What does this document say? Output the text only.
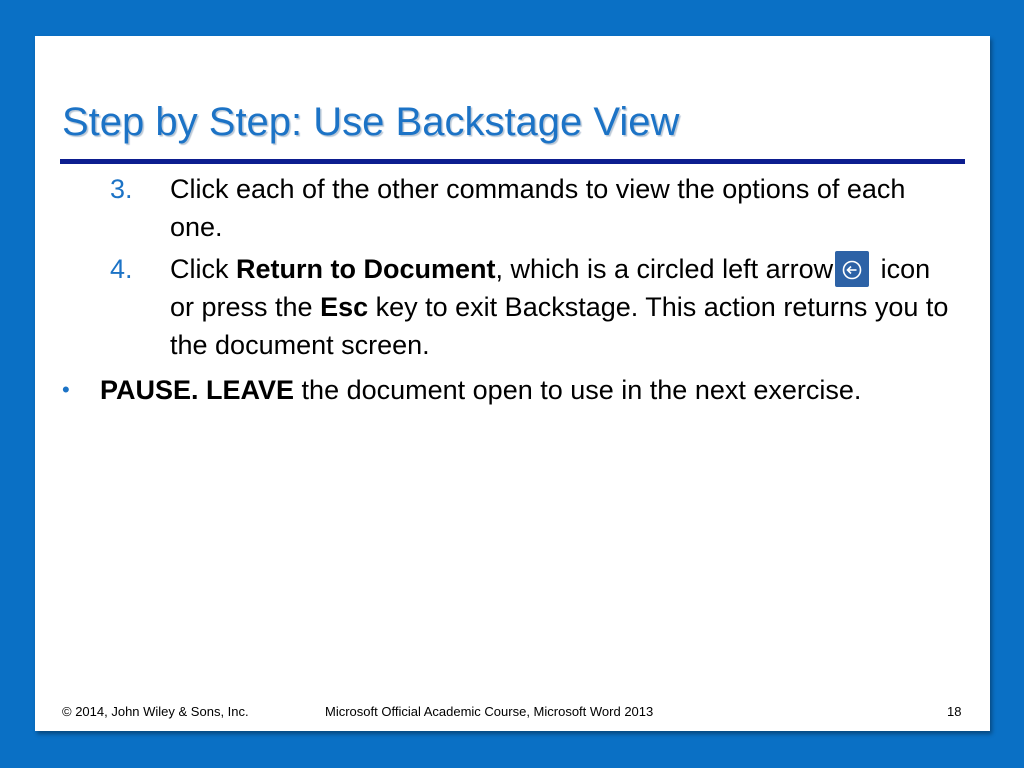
Step by Step: Use Backstage View
3. Click each of the other commands to view the options of each one.
4. Click Return to Document, which is a circled left arrow
icon or press the Esc key to exit Backstage. This action returns you to the document screen.
• PAUSE. LEAVE the document open to use in the next exercise.
© 2014, John Wiley & Sons, Inc.	Microsoft Official Academic Course, Microsoft Word 2013	18
